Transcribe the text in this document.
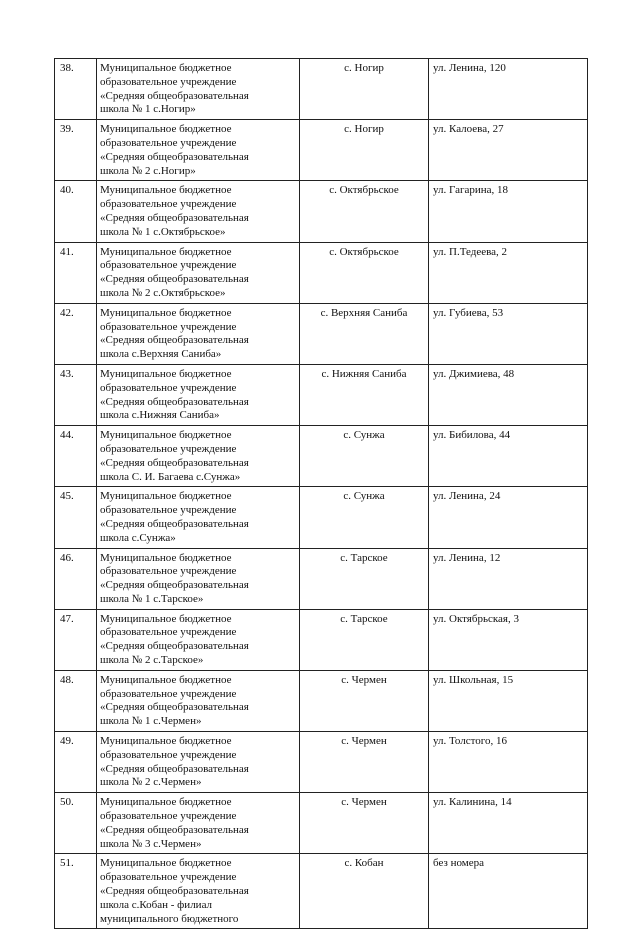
38.	Муниципальное бюджетное
образовательное учреждение
«Средняя общеобразовательная
школа № 1 с.Ногир»	с. Ногир	ул. Ленина, 120
39.	Муниципальное бюджетное
образовательное учреждение
«Средняя общеобразовательная
школа № 2 с.Ногир»	с. Ногир	ул. Калоева, 27
40.	Муниципальное бюджетное
образовательное учреждение
«Средняя общеобразовательная
школа № 1 с.Октябрьское»	с. Октябрьское	ул. Гагарина, 18
41.	Муниципальное бюджетное
образовательное учреждение
«Средняя общеобразовательная
школа № 2 с.Октябрьское»	с. Октябрьское	ул. П.Тедеева, 2
42.	Муниципальное бюджетное
образовательное учреждение
«Средняя общеобразовательная
школа с.Верхняя Саниба»	с. Верхняя Саниба	ул. Губиева, 53
43.	Муниципальное бюджетное
образовательное учреждение
«Средняя общеобразовательная
школа с.Нижняя Саниба»	с. Нижняя Саниба	ул. Джимиева, 48
44.	Муниципальное бюджетное
образовательное учреждение
«Средняя общеобразовательная
школа С. И. Багаева с.Сунжа»	с. Сунжа	ул. Бибилова, 44
45.	Муниципальное бюджетное
образовательное учреждение
«Средняя общеобразовательная
школа с.Сунжа»	с. Сунжа	ул. Ленина, 24
46.	Муниципальное бюджетное
образовательное учреждение
«Средняя общеобразовательная
школа № 1 с.Тарское»	с. Тарское	ул. Ленина, 12
47.	Муниципальное бюджетное
образовательное учреждение
«Средняя общеобразовательная
школа № 2 с.Тарское»	с. Тарское	ул. Октябрьская, 3
48.	Муниципальное бюджетное
образовательное учреждение
«Средняя общеобразовательная
школа № 1 с.Чермен»	с. Чермен	ул. Школьная, 15
49.	Муниципальное бюджетное
образовательное учреждение
«Средняя общеобразовательная
школа № 2 с.Чермен»	с. Чермен	ул. Толстого, 16
50.	Муниципальное бюджетное
образовательное учреждение
«Средняя общеобразовательная
школа № 3 с.Чермен»	с. Чермен	ул. Калинина, 14
51.	Муниципальное бюджетное
образовательное учреждение
«Средняя общеобразовательная
школа с.Кобан - филиал
муниципального бюджетного	с. Кобан	без номера
